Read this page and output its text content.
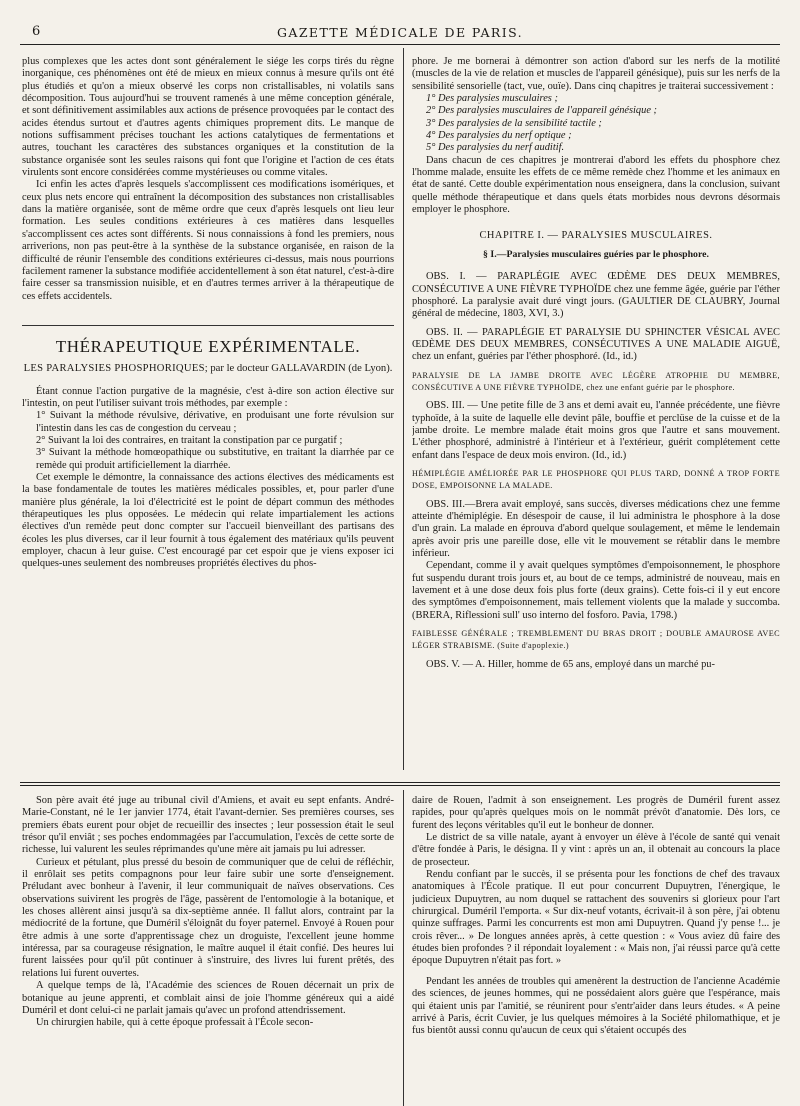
6	GAZETTE MÉDICALE DE PARIS.

plus complexes que les actes dont sont généralement le siége les corps tirés du règne inorganique, ces phénomènes ont été de mieux en mieux connus à mesure qu'ils ont été plus étudiés et qu'on a mieux observé les corps non cristallisables, ni volatils sans décomposition. Tous aujourd'hui se trouvent ramenés à une même conception générale, et sont définitivement assimilables aux actions de présence provoquées par le contact des acides étendus surtout et d'autres agents chimiques proprement dits. Le manque de notions suffisamment précises touchant les actions catalytiques de fermentations et autres, touchant les caractères des substances organiques et la constitution de la substance organisée sont les seules raisons qui font que l'origine et l'action de ces états virulents sont encore considérées comme mystérieuses ou comme vitales.

Ici enfin les actes d'après lesquels s'accomplissent ces modifications isomériques, et ceux plus nets encore qui entraînent la décomposition des substances non cristallisables dans la matière organisée, sont de même ordre que ceux d'après lesquels ont lieu leur formation. Les seules conditions extérieures à ces matières dans lesquelles s'accomplissent ces actes sont différents. Si nous connaissions à fond les premiers, nous arriverions, non pas peut-être à la synthèse de la substance organisée, en raison de la difficulté de réunir l'ensemble des conditions extérieures ci-dessus, mais nous pourrions facilement ramener la substance modifiée accidentellement à son état naturel, c'est-à-dire faire cesser sa transmission nuisible, et en d'autres termes arriver à la thérapeutique de ces effets accidentels.

THÉRAPEUTIQUE EXPÉRIMENTALE.
LES PARALYSIES PHOSPHORIQUES; par le docteur GALLAVARDIN (de Lyon).

Étant connue l'action purgative de la magnésie, c'est à-dire son action élective sur l'intestin, on peut l'utiliser suivant trois méthodes, par exemple :

1° Suivant la méthode révulsive, dérivative, en produisant une forte révulsion sur l'intestin dans les cas de congestion du cerveau ;

2° Suivant la loi des contraires, en traitant la constipation par ce purgatif ;

3° Suivant la méthode homœopathique ou substitutive, en traitant la diarrhée par ce remède qui produit artificiellement la diarrhée.

Cet exemple le démontre, la connaissance des actions électives des médicaments est la base fondamentale de toutes les matières médicales possibles, et, pour parler d'une manière plus générale, la loi d'électricité est le point de départ commun des méthodes thérapeutiques les plus opposées. Le médecin qui relate impartialement les actions électives d'un remède peut donc compter sur l'accueil bienveillant des partisans des écoles les plus diverses, car il leur fournit à tous également des matériaux qu'ils peuvent employer, chacun à leur guise. C'est encouragé par cet espoir que je viens exposer ici quelques-unes seulement des nombreuses propriétés électives du phos-

phore. Je me bornerai à démontrer son action d'abord sur les nerfs de la motilité (muscles de la vie de relation et muscles de l'appareil génésique), puis sur les nerfs de la sensibilité sensorielle (tact, vue, ouïe). Dans cinq chapitres je traiterai successivement :

1° Des paralysies musculaires ;

2° Des paralysies musculaires de l'appareil génésique ;

3° Des paralysies de la sensibilité tactile ;

4° Des paralysies du nerf optique ;

5° Des paralysies du nerf auditif.

Dans chacun de ces chapitres je montrerai d'abord les effets du phosphore chez l'homme malade, ensuite les effets de ce même remède chez l'homme et les animaux en état de santé. Cette double expérimentation nous enseignera, dans la conclusion, suivant quelle méthode thérapeutique et dans quels états morbides nous devrons désormais employer le phosphore.

CHAPITRE I. — PARALYSIES MUSCULAIRES.
§ I.—Paralysies musculaires guéries par le phosphore.

OBS. I. — PARAPLÉGIE AVEC ŒDÈME DES DEUX MEMBRES, CONSÉCUTIVE A UNE FIÈVRE TYPHOÏDE chez une femme âgée, guérie par l'éther phosphoré. La paralysie avait duré vingt jours. (GAULTIER DE CLAUBRY, Journal général de médecine, 1803, XVI, 3.)

OBS. II. — PARAPLÉGIE ET PARALYSIE DU SPHINCTER VÉSICAL AVEC ŒDÈME DES DEUX MEMBRES, CONSÉCUTIVES A UNE MALADIE AIGUË, chez un enfant, guéries par l'éther phosphoré. (Id., id.)

PARALYSIE DE LA JAMBE DROITE AVEC LÉGÈRE ATROPHIE DU MEMBRE, CONSÉCUTIVE A UNE FIÈVRE TYPHOÏDE, chez une enfant guérie par le phosphore.

OBS. III. — Une petite fille de 3 ans et demi avait eu, l'année précédente, une fièvre typhoïde, à la suite de laquelle elle devint pâle, bouffie et perclüse de la cuisse et de la jambe droite. Le membre malade était moins gros que l'autre et sans mouvement. L'éther phosphoré, administré à l'intérieur et à l'extérieur, guérit complétement cette enfant dans l'espace de deux mois environ. (Id., id.)

HÉMIPLÉGIE AMÉLIORÉE PAR LE PHOSPHORE QUI PLUS TARD, DONNÉ A TROP FORTE DOSE, EMPOISONNE LA MALADE.

OBS. III.—Brera avait employé, sans succès, diverses médications chez une femme atteinte d'hémiplégie. En désespoir de cause, il lui administra le phosphore à la dose d'un grain. La malade en éprouva d'abord quelque soulagement, et même le lendemain après avoir pris une pareille dose, elle vit le mouvement se rétablir dans le membre inférieur.

Cependant, comme il y avait quelques symptômes d'empoisonnement, le phosphore fut suspendu durant trois jours et, au bout de ce temps, administré de nouveau, mais en lavement et à une dose deux fois plus forte (deux grains). Cette fois-ci il y eut encore des symptômes d'empoisonnement, mais tellement violents que la malade y succomba. (BRERA, Riflessioni sull' uso interno del fosforo. Pavia, 1798.)

FAIBLESSE GÉNÉRALE ; TREMBLEMENT DU BRAS DROIT ; DOUBLE AMAUROSE AVEC LÉGER STRABISME. (Suite d'apoplexie.)

OBS. V. — A. Hiller, homme de 65 ans, employé dans un marché pu-

Son père avait été juge au tribunal civil d'Amiens, et avait eu sept enfants. André-Marie-Constant, né le 1er janvier 1774, était l'avant-dernier. Ses premières courses, ses premiers ébats eurent pour objet de recueillir des insectes ; leur possession était le seul trésor qu'il enviât ; ses poches endommagées par l'accumulation, l'excès de cette sorte de richesse, lui valurent les seules réprimandes qu'une mère ait jamais pu lui adresser.

Curieux et pétulant, plus pressé du besoin de communiquer que de celui de réfléchir, il enrôlait ses petits compagnons pour leur faire subir une sorte d'enseignement. Préludant avec bonheur à l'avenir, il leur communiquait de naïves observations. Ces observations suivirent les progrès de l'âge, passèrent de l'entomologie à la botanique, et les choses allèrent ainsi jusqu'à sa dix-septième année. Il fallut alors, contraint par la médiocrité de la fortune, que Duméril s'éloignât du foyer paternel. Envoyé à Rouen pour être admis à une sorte d'apprentissage chez un droguiste, l'excellent jeune homme intéressa, par sa courageuse résignation, le maître auquel il était confié. Des heures lui furent laissées pour qu'il pût continuer à s'instruire, des livres lui furent prêtés, des relations lui furent ouvertes.

A quelque temps de là, l'Académie des sciences de Rouen décernait un prix de botanique au jeune apprenti, et comblait ainsi de joie l'homme généreux qui a aidé Duméril et dont celui-ci ne parlait jamais qu'avec un profond attendrissement.

Un chirurgien habile, qui à cette époque professait à l'École secon-

daire de Rouen, l'admit à son enseignement. Les progrès de Duméril furent assez rapides, pour qu'après quelques mois on le nommât prévôt d'anatomie. Dès lors, ce furent des leçons véritables qu'il eut le bonheur de donner.

Le district de sa ville natale, ayant à envoyer un élève à l'école de santé qui venait d'être fondée à Paris, le désigna. Il y vint : après un an, il obtenait au concours la place de prosecteur.

Rendu confiant par le succès, il se présenta pour les fonctions de chef des travaux anatomiques à l'École pratique. Il eut pour concurrent Dupuytren, l'énergique, le judicieux Dupuytren, au nom duquel se rattachent des souvenirs si glorieux pour l'art chirurgical. Duméril l'emporta. « Sur dix-neuf votants, écrivait-il à son père, j'ai obtenu quinze suffrages. Parmi les concurrents est mon ami Dupuytren. Quand j'y pense !... je crois rêver... » De longues années après, à cette question : « Vous aviez dû faire des études bien profondes ? il répondait loyalement : « Mais non, j'ai réussi parce qu'à cette époque Dupuytren n'était pas fort. »

Pendant les années de troubles qui amenèrent la destruction de l'ancienne Académie des sciences, de jeunes hommes, qui ne possédaient alors guère que l'espérance, mais qui étaient unis par l'amitié, se réunirent pour s'entr'aider dans leurs études. « A peine arrivé à Paris, écrit Cuvier, je lus quelques mémoires à la Société philomathique, et je fus bientôt aussi connu qu'aucun de ceux qui s'étaient occupés des
